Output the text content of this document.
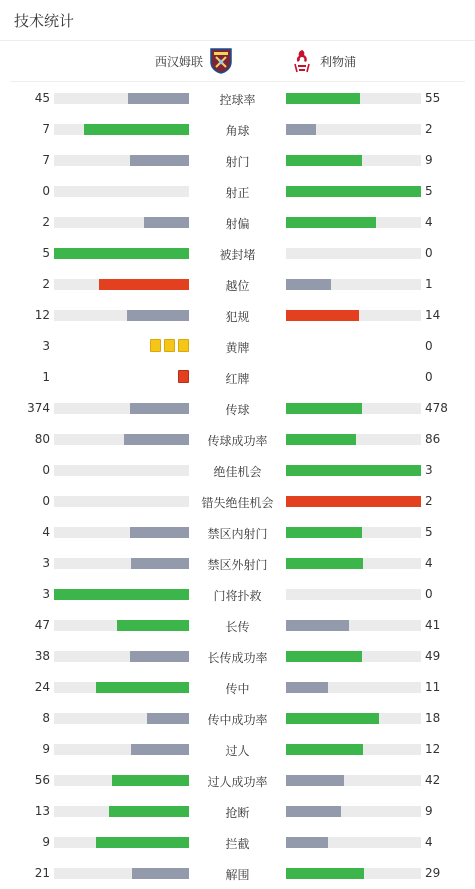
技术统计
西汉姆联	利物浦
45	控球率	55
7	角球	2
7	射门	9
0	射正	5
2	射偏	4
5	被封堵	0
2	越位	1
12	犯规	14
3	黄牌	0
1	红牌	0
374	传球	478
80	传球成功率	86
0	绝佳机会	3
0	错失绝佳机会	2
4	禁区内射门	5
3	禁区外射门	4
3	门将扑救	0
47	长传	41
38	长传成功率	49
24	传中	11
8	传中成功率	18
9	过人	12
56	过人成功率	42
13	抢断	9
9	拦截	4
21	解围	29
